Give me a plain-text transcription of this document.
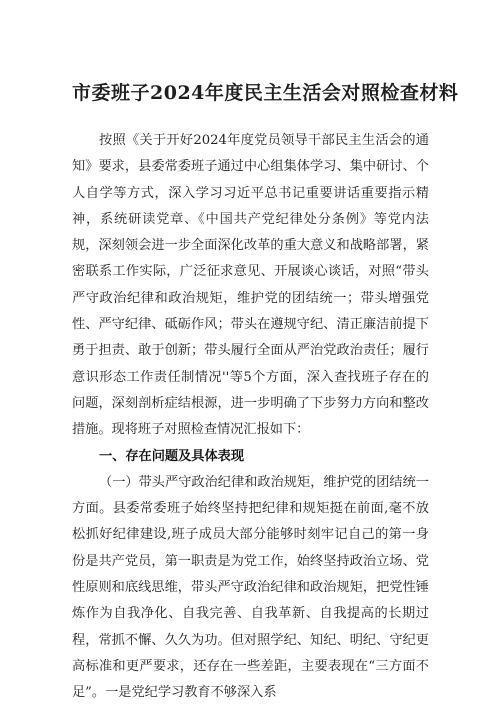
市委班子2024年度民主生活会对照检查材料

按照《关于开好2024年度党员领导干部民主生活会的通知》要求，县委常委班子通过中心组集体学习、集中研讨、个人自学等方式，深入学习习近平总书记重要讲话重要指示精神，系统研读党章、《中国共产党纪律处分条例》等党内法规，深刻领会进一步全面深化改革的重大意义和战略部署，紧密联系工作实际，广泛征求意见、开展谈心谈话，对照“带头严守政治纪律和政治规矩，维护党的团结统一；带头增强党性、严守纪律、砥砺作风；带头在遵规守纪、清正廉洁前提下勇于担责、敢于创新；带头履行全面从严治党政治责任；履行意识形态工作责任制情况''等5个方面，深入查找班子存在的问题，深刻剖析症结根源，进一步明确了下步努力方向和整改措施。现将班子对照检查情况汇报如下：

一、存在问题及具体表现

（一）带头严守政治纪律和政治规矩，维护党的团结统一方面。县委常委班子始终坚持把纪律和规矩挺在前面,毫不放松抓好纪律建设,班子成员大部分能够时刻牢记自己的第一身份是共产党员，第一职责是为党工作，始终坚持政治立场、党性原则和底线思维，带头严守政治纪律和政治规矩，把党性锤炼作为自我净化、自我完善、自我革新、自我提高的长期过程，常抓不懈、久久为功。但对照学纪、知纪、明纪、守纪更高标准和更严要求，还存在一些差距，主要表现在“三方面不足”。一是党纪学习教育不够深入系
